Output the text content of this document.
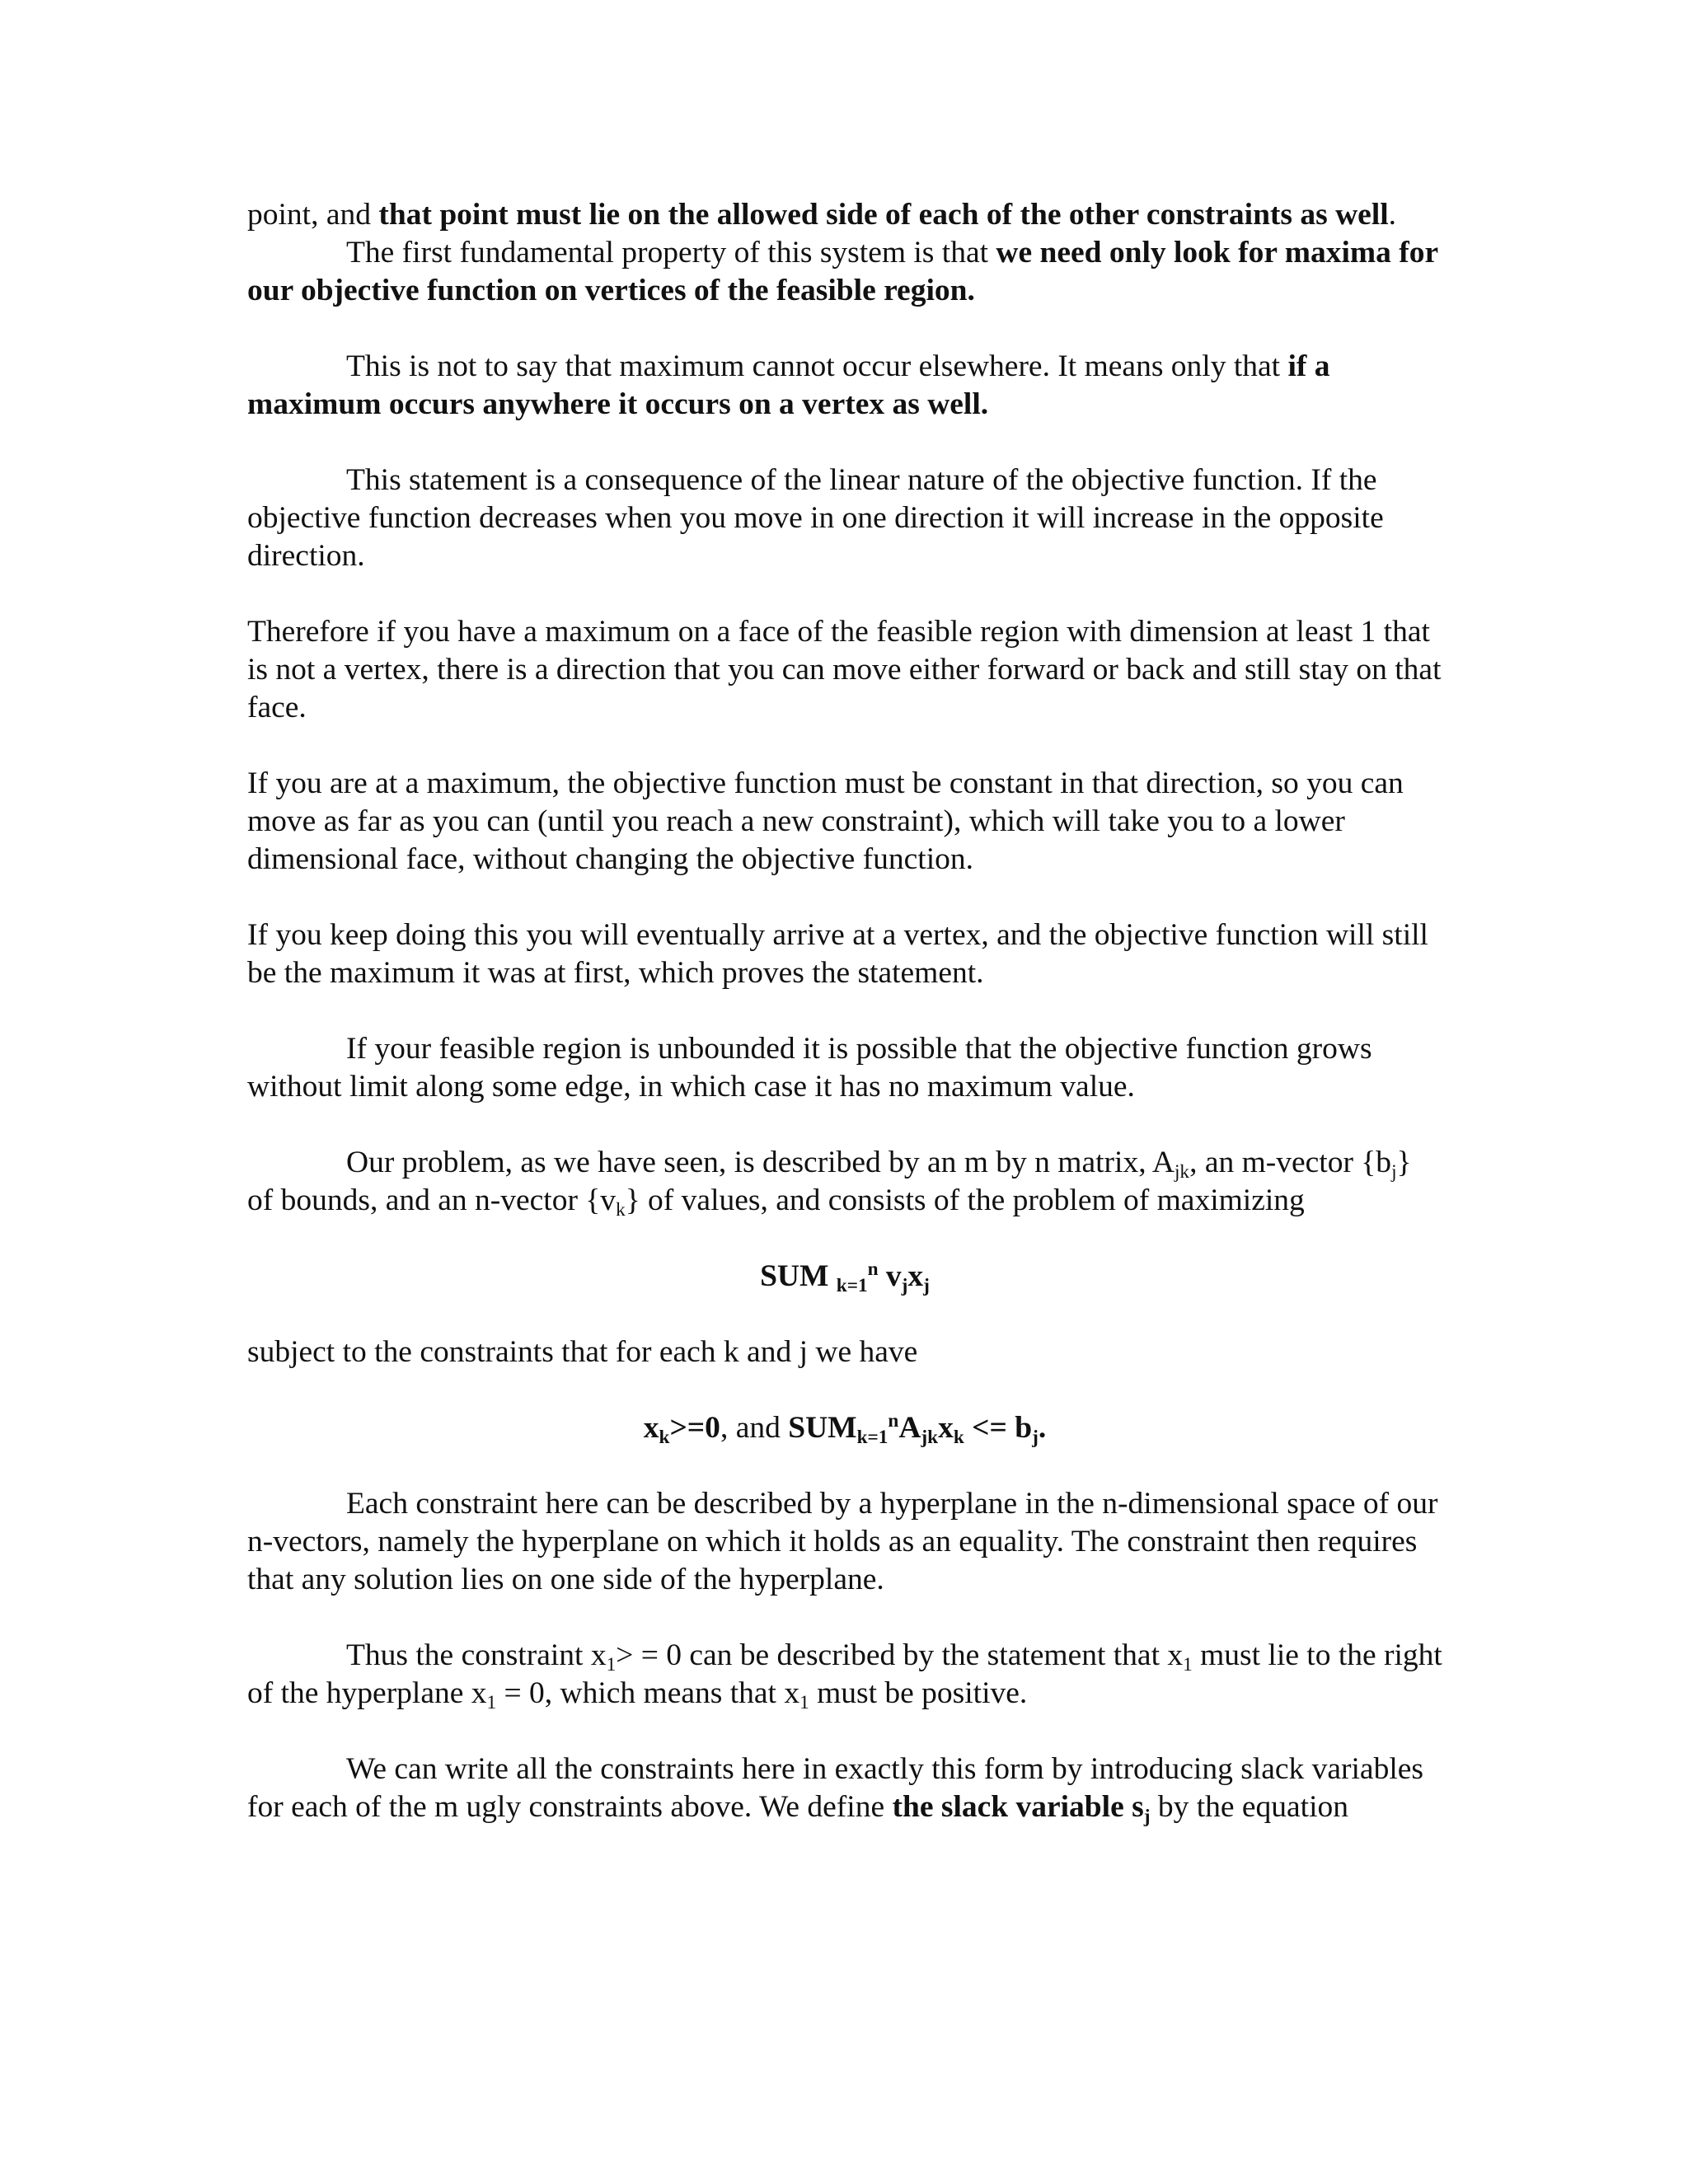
point, and that point must lie on the allowed side of each of the other constraints as well.

The first fundamental property of this system is that we need only look for maxima for our objective function on vertices of the feasible region.

This is not to say that maximum cannot occur elsewhere. It means only that if a maximum occurs anywhere it occurs on a vertex as well.

This statement is a consequence of the linear nature of the objective function. If the objective function decreases when you move in one direction it will increase in the opposite direction.

Therefore if you have a maximum on a face of the feasible region with dimension at least 1 that is not a vertex, there is a direction that you can move either forward or back and still stay on that face.

If you are at a maximum, the objective function must be constant in that direction, so you can move as far as you can (until you reach a new constraint), which will take you to a lower dimensional face, without changing the objective function.

If you keep doing this you will eventually arrive at a vertex, and the objective function will still be the maximum it was at first, which proves the statement.

If your feasible region is unbounded it is possible that the objective function grows without limit along some edge, in which case it has no maximum value.

Our problem, as we have seen, is described by an m by n matrix, $A_{jk}$, an m-vector $\{b_j\}$ of bounds, and an n-vector $\{v_k\}$ of values, and consists of the problem of maximizing

SUM $_{k=1}^n$ $v_jx_j$

subject to the constraints that for each k and j we have

$x_k>=0$, and $SUM_{k=1}^nA_{jk}x_k <= b_j$.

Each constraint here can be described by a hyperplane in the n-dimensional space of our n-vectors, namely the hyperplane on which it holds as an equality. The constraint then requires that any solution lies on one side of the hyperplane.

Thus the constraint $x_1> = 0$ can be described by the statement that $x_1$ must lie to the right of the hyperplane $x_1 = 0$, which means that $x_1$ must be positive.

We can write all the constraints here in exactly this form by introducing slack variables for each of the m ugly constraints above. We define the slack variable $s_j$ by the equation
